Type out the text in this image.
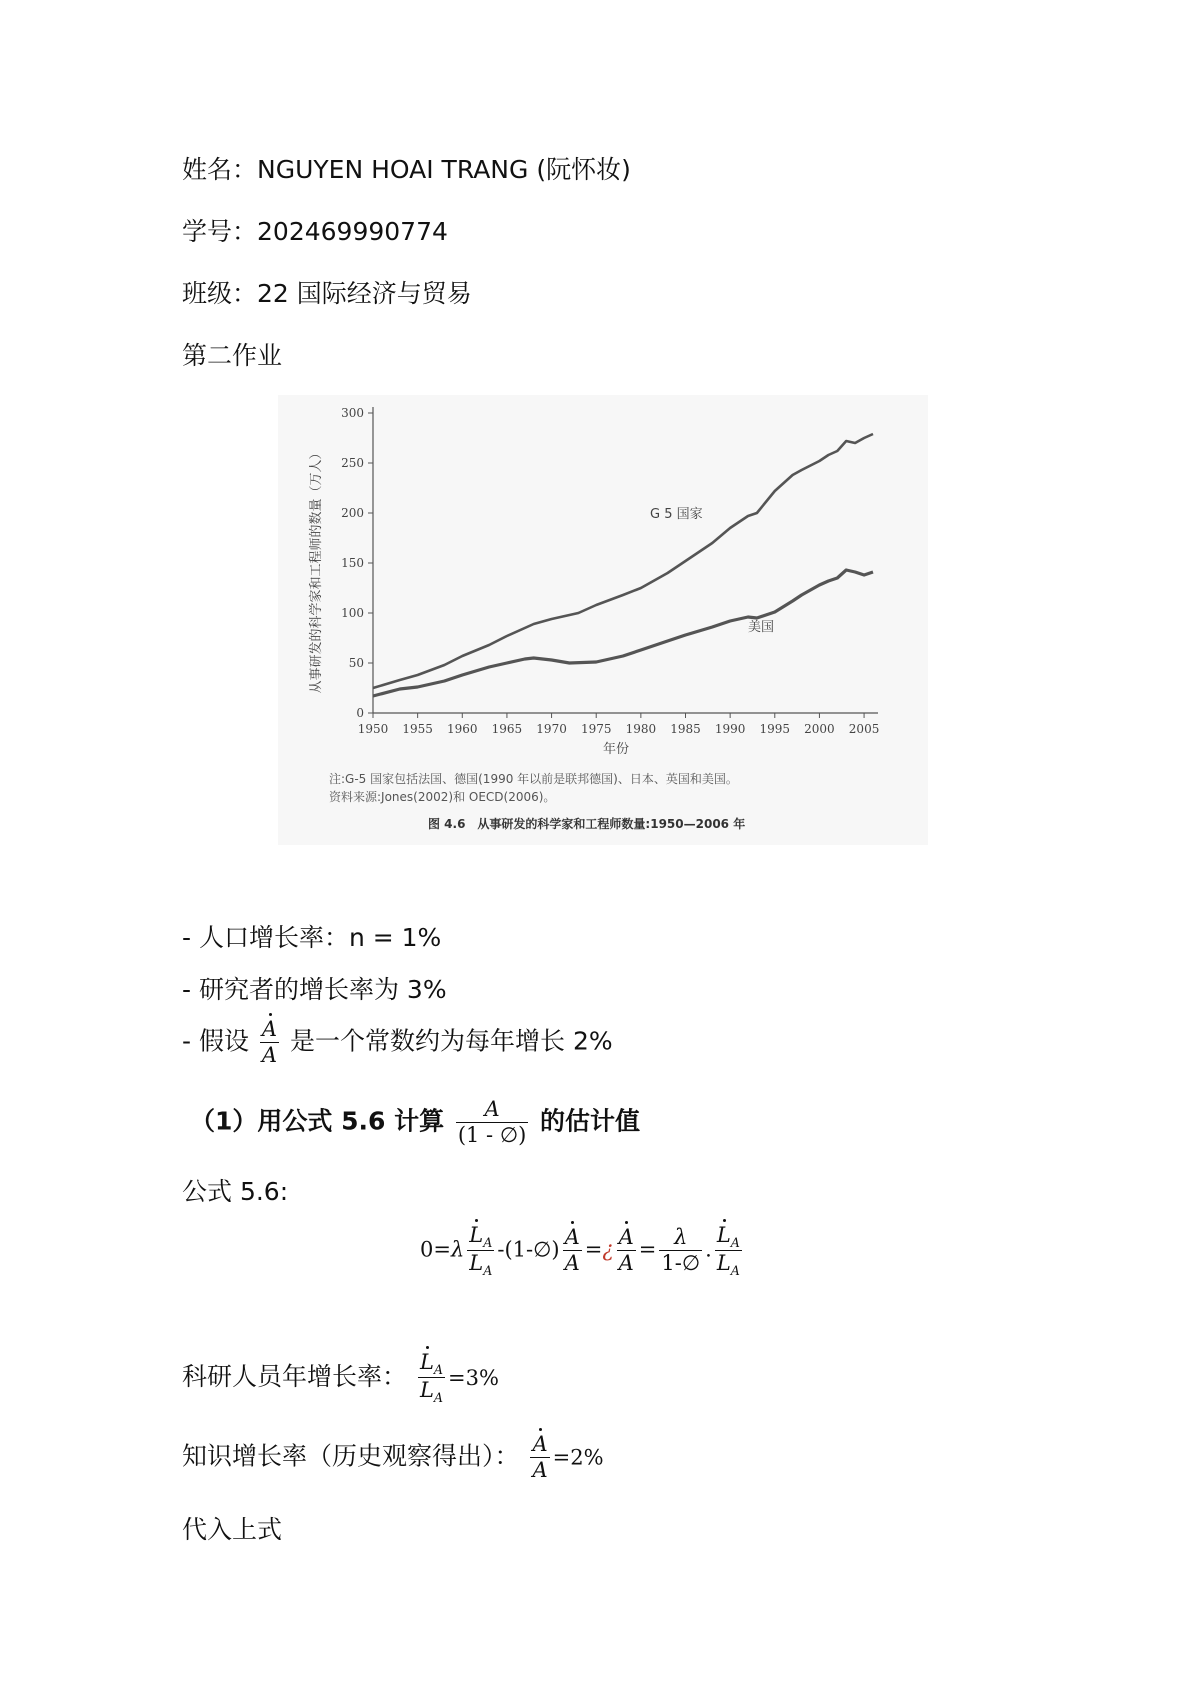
姓名：NGUYEN HOAI TRANG (阮怀妆)
学号：202469990774
班级：22 国际经济与贸易
第二作业
0
50
100
150
200
250
300
1950 1955 1960 1965 1970 1975 1980 1985 1990 1995 2000 2005
从事研发的科学家和工程师的数量（万人）
年份
G 5 国家
美国
注:G-5 国家包括法国、德国(1990 年以前是联邦德国)、日本、英国和美国。
资料来源:Jones(2002)和 OECD(2006)。
图 4.6　从事研发的科学家和工程师数量:1950—2006 年
- 人口增长率：n = 1%
- 研究者的增长率为 3%
- 假设 $\frac{A}{A}$ 是一个常数约为每年增长 2%
（1）用公式 5.6 计算 $\frac{A}{(1 - \emptyset)}$ 的估计值
公式 5.6:
$0=\lambda \frac{L_A}{L_A}$ -(1-∅) $\frac{A}{A}$ =¿ $\frac{A}{A} = \frac{\lambda}{1-\emptyset}$ . $\frac{L_A}{L_A}$
科研人员年增长率： $\frac{L_A}{L_A} =3\%$
知识增长率（历史观察得出）： $\frac{A}{A} =2\%$
代入上式
